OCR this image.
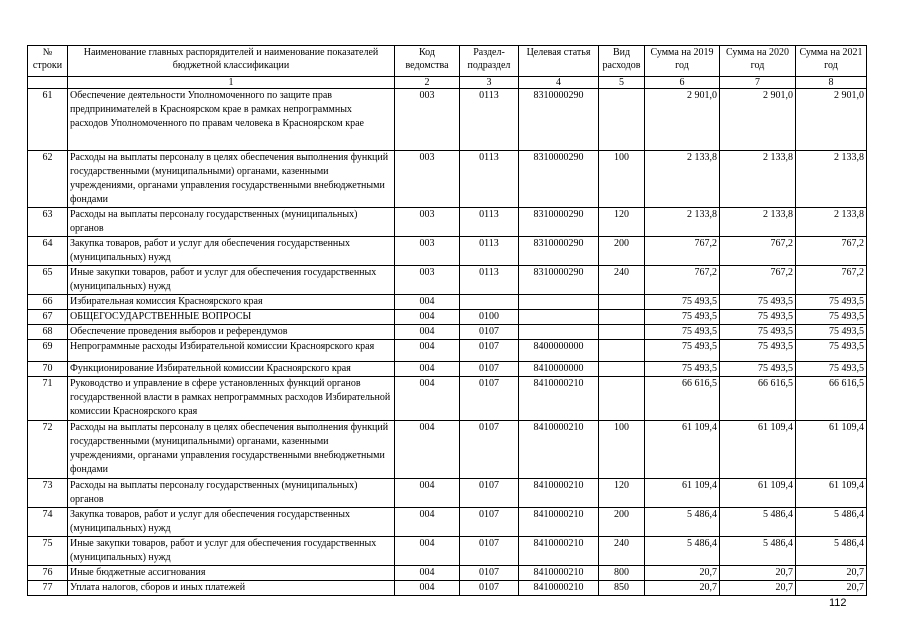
№ строки	Наименование главных распорядителей и наименование показателей бюджетной классификации	Код ведомства	Раздел-подраздел	Целевая статья	Вид расходов	Сумма на 2019 год	Сумма на 2020 год	Сумма на 2021 год
	1	2	3	4	5	6	7	8
61	Обеспечение деятельности Уполномоченного по защите прав предпринимателей в Красноярском крае в рамках непрограммных расходов Уполномоченного по правам человека в Красноярском крае	003	0113	8310000290		2 901,0	2 901,0	2 901,0
62	Расходы на выплаты персоналу в целях обеспечения выполнения функций государственными (муниципальными) органами, казенными учреждениями, органами управления государственными внебюджетными фондами	003	0113	8310000290	100	2 133,8	2 133,8	2 133,8
63	Расходы на выплаты персоналу государственных (муниципальных) органов	003	0113	8310000290	120	2 133,8	2 133,8	2 133,8
64	Закупка товаров, работ и услуг для обеспечения государственных (муниципальных) нужд	003	0113	8310000290	200	767,2	767,2	767,2
65	Иные закупки товаров, работ и услуг для обеспечения государственных (муниципальных) нужд	003	0113	8310000290	240	767,2	767,2	767,2
66	Избирательная комиссия Красноярского края	004				75 493,5	75 493,5	75 493,5
67	ОБЩЕГОСУДАРСТВЕННЫЕ ВОПРОСЫ	004	0100			75 493,5	75 493,5	75 493,5
68	Обеспечение проведения выборов и референдумов	004	0107			75 493,5	75 493,5	75 493,5
69	Непрограммные расходы Избирательной комиссии Красноярского края	004	0107	8400000000		75 493,5	75 493,5	75 493,5
70	Функционирование Избирательной комиссии Красноярского края	004	0107	8410000000		75 493,5	75 493,5	75 493,5
71	Руководство и управление в сфере установленных функций органов государственной власти в рамках непрограммных расходов Избирательной комиссии Красноярского края	004	0107	8410000210		66 616,5	66 616,5	66 616,5
72	Расходы на выплаты персоналу в целях обеспечения выполнения функций государственными (муниципальными) органами, казенными учреждениями, органами управления государственными внебюджетными фондами	004	0107	8410000210	100	61 109,4	61 109,4	61 109,4
73	Расходы на выплаты персоналу государственных (муниципальных) органов	004	0107	8410000210	120	61 109,4	61 109,4	61 109,4
74	Закупка товаров, работ и услуг для обеспечения государственных (муниципальных) нужд	004	0107	8410000210	200	5 486,4	5 486,4	5 486,4
75	Иные закупки товаров, работ и услуг для обеспечения государственных (муниципальных) нужд	004	0107	8410000210	240	5 486,4	5 486,4	5 486,4
76	Иные бюджетные ассигнования	004	0107	8410000210	800	20,7	20,7	20,7
77	Уплата налогов, сборов и иных платежей	004	0107	8410000210	850	20,7	20,7	20,7
112
